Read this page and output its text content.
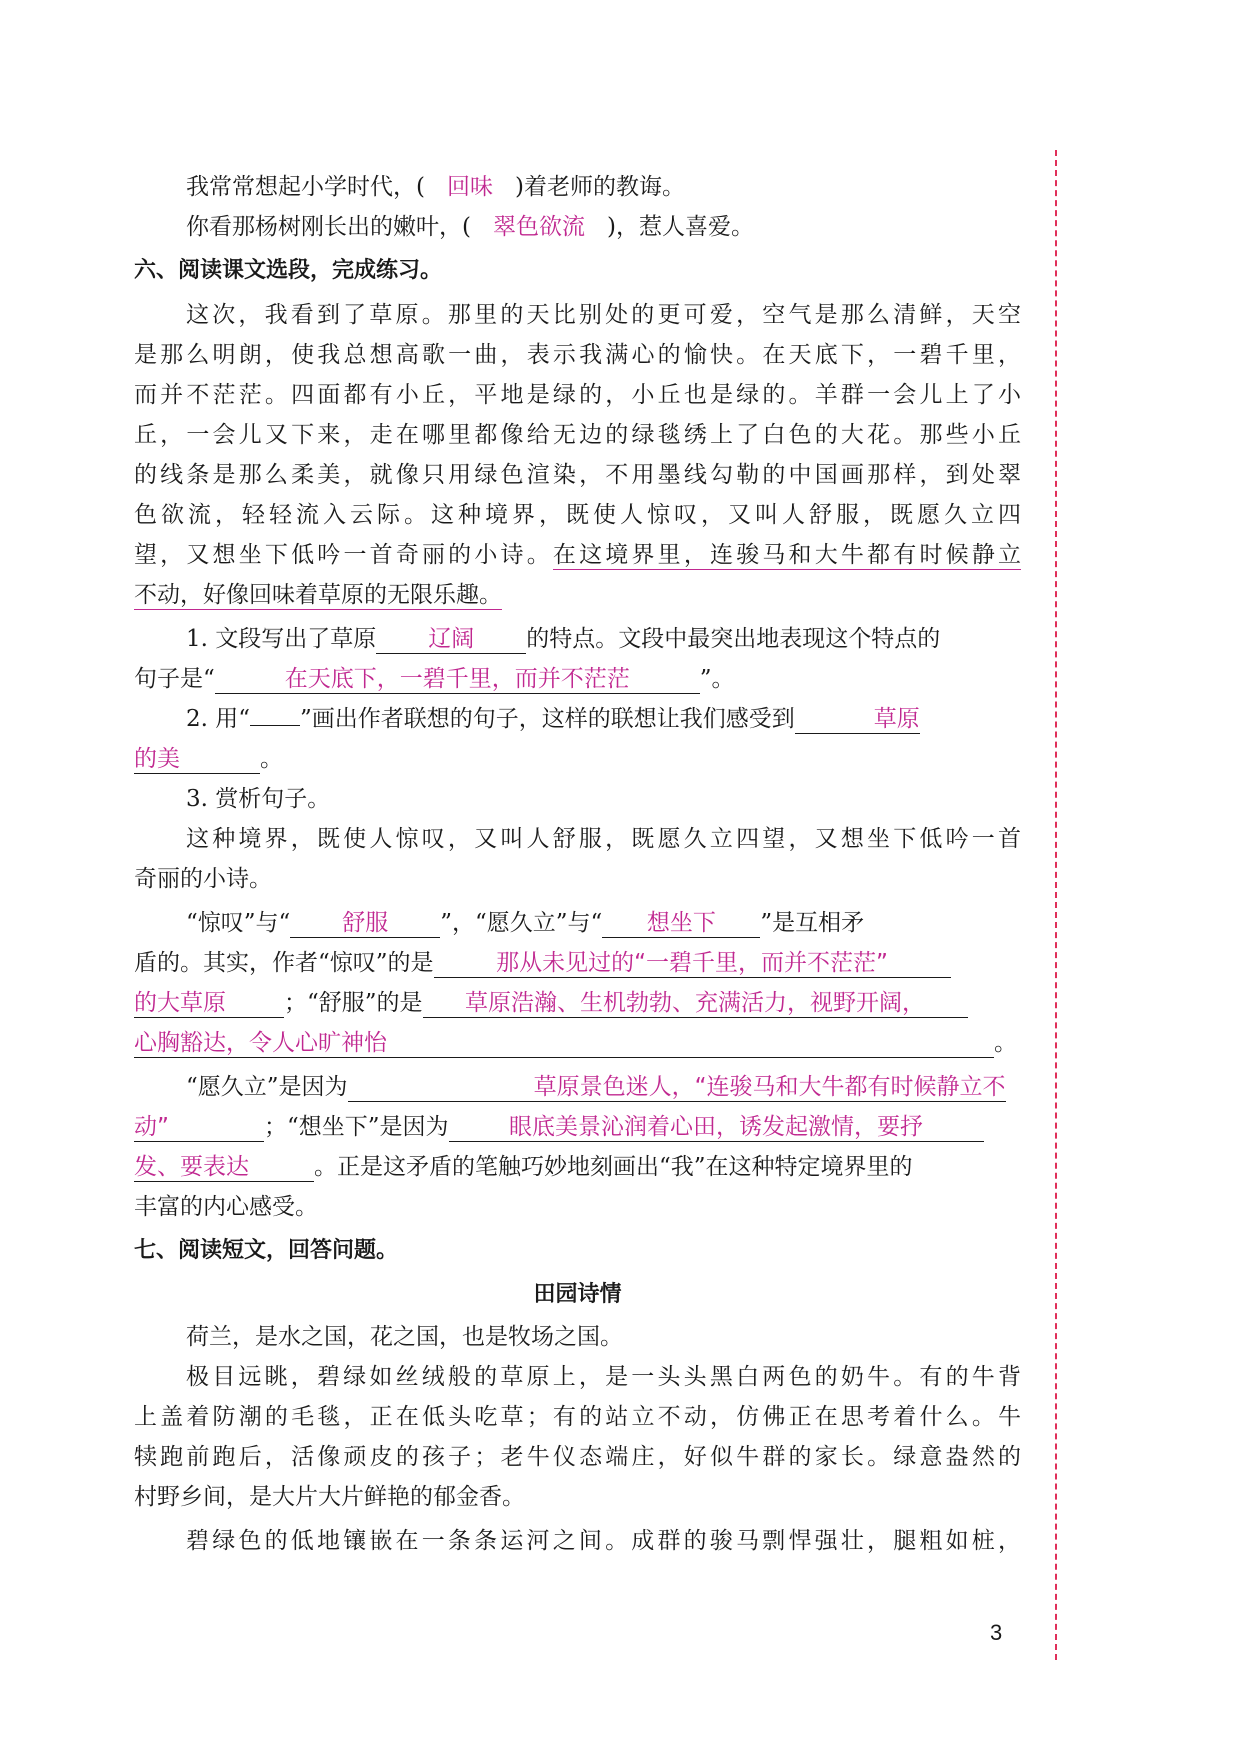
我常常想起小学时代，( 回味 )着老师的教诲。
你看那杨树刚长出的嫩叶，( 翠色欲流 )，惹人喜爱。
六、阅读课文选段，完成练习。
这次，我看到了草原。那里的天比别处的更可爱，空气是那么清鲜，天空
是那么明朗，使我总想高歌一曲，表示我满心的愉快。在天底下，一碧千里，
而并不茫茫。四面都有小丘，平地是绿的，小丘也是绿的。羊群一会儿上了小
丘，一会儿又下来，走在哪里都像给无边的绿毯绣上了白色的大花。那些小丘
的线条是那么柔美，就像只用绿色渲染，不用墨线勾勒的中国画那样，到处翠
色欲流，轻轻流入云际。这种境界，既使人惊叹，又叫人舒服，既愿久立四
望，又想坐下低吟一首奇丽的小诗。在这境界里，连骏马和大牛都有时候静立
不动，好像回味着草原的无限乐趣。
1. 文段写出了草原 辽阔 的特点。文段中最突出地表现这个特点的
句子是“	在天底下，一碧千里，而并不茫茫	”。
2. 用“ ”画出作者联想的句子，这样的联想让我们感受到	草原
的美	。
3. 赏析句子。
这种境界，既使人惊叹，又叫人舒服，既愿久立四望，又想坐下低吟一首
奇丽的小诗。
“惊叹”与“ 舒服 ”，“愿久立”与“ 想坐下 ”是互相矛
盾的。其实，作者“惊叹”的是	那从未见过的“一碧千里，而并不茫茫”
的大草原	；“舒服”的是 草原浩瀚、生机勃勃、充满活力，视野开阔，
心胸豁达，令人心旷神怡	。
“愿久立”是因为	草原景色迷人，“连骏马和大牛都有时候静立不
动”	；“想坐下”是因为	眼底美景沁润着心田，诱发起激情，要抒
发、要表达	。正是这矛盾的笔触巧妙地刻画出“我”在这种特定境界里的
丰富的内心感受。
七、阅读短文，回答问题。
田园诗情
荷兰，是水之国，花之国，也是牧场之国。
极目远眺，碧绿如丝绒般的草原上，是一头头黑白两色的奶牛。有的牛背
上盖着防潮的毛毯，正在低头吃草；有的站立不动，仿佛正在思考着什么。牛
犊跑前跑后，活像顽皮的孩子；老牛仪态端庄，好似牛群的家长。绿意盎然的
村野乡间，是大片大片鲜艳的郁金香。
碧绿色的低地镶嵌在一条条运河之间。成群的骏马剽悍强壮，腿粗如桩，
3
